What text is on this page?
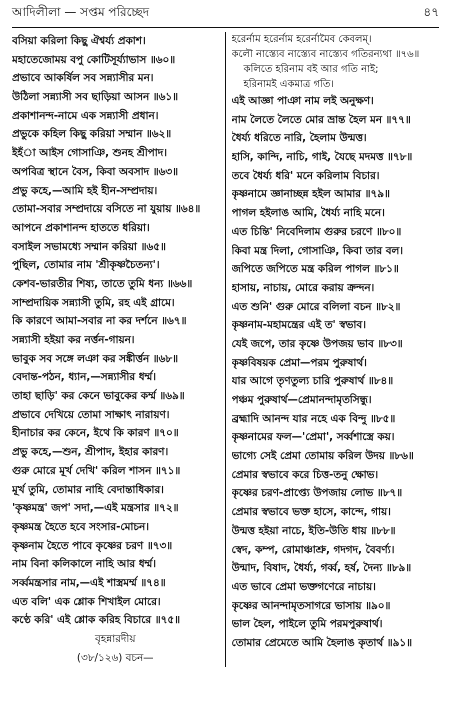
আদিলীলা — সপ্তম পরিচ্ছেদ	৪৭
বসিয়া করিলা কিছু ঐশ্বর্য্য প্রকাশ।
মহাতেজোময় বপু কোটিসূর্য্যাভাস ॥৬০॥
প্রভাবে আকর্ষিল সব সন্ন্যাসীর মন।
উঠিলা সন্ন্যাসী সব ছাড়িয়া আসন ॥৬১॥
প্রকাশানন্দ-নামে এক সন্ন্যাসী প্রধান।
প্রভুকে কহিল কিছু করিয়া সম্মান ॥৬২॥
ইহঁা আইস গোসাঞি, শুনহ শ্রীপাদ।
অপবিত্র স্থানে বৈস, কিবা অবসাদ ॥৬৩॥
প্রভু কহে,—আমি হই হীন-সম্প্রদায়।
তোমা-সবার সম্প্রদায়ে বসিতে না যুয়ায় ॥৬৪॥
আপনে প্রকাশানন্দ হাততে ধরিয়া।
বসাইল সভামধ্যে সম্মান করিয়া ॥৬৫॥
পুছিল, তোমার নাম 'শ্রীকৃষ্ণচৈতন্য'।
কেশব-ভারতীর শিষ্য, তাতে তুমি ধন্য ॥৬৬॥
সাম্প্রদায়িক সন্ন্যাসী তুমি, রহ এই গ্রামে।
কি কারণে আমা-সবার না কর দর্শনে ॥৬৭॥
সন্ন্যাসী হইয়া কর নর্ত্তন-গায়ন।
ভাবুক সব সঙ্গে লঞা কর সঙ্কীর্ত্তন ॥৬৮॥
বেদান্ত-পঠন, ধ্যান,—সন্ন্যাসীর ধর্ম্ম।
তাহা ছাড়ি' কর কেনে ভাবুকের কর্ম্ম ॥৬৯॥
প্রভাবে দেখিয়ে তোমা সাক্ষাৎ নারায়ণ।
হীনাচার কর কেনে, ইথে কি কারণ ॥৭০॥
প্রভু কহে,—শুন, শ্রীপাদ, ইহার কারণ।
গুরু মোরে মূর্খ দেখি' করিল শাসন ॥৭১॥
মূর্খ তুমি, তোমার নাহি বেদান্তাধিকার।
'কৃষ্ণমন্ত্র' জপ' সদা,—এই মন্ত্রসার ॥৭২॥
কৃষ্ণমন্ত্র হৈতে হবে সংসার-মোচন।
কৃষ্ণনাম হৈতে পাবে কৃষ্ণের চরণ ॥৭৩॥
নাম বিনা কলিকালে নাহি আর ধর্ম্ম।
সর্ব্বমন্ত্রসার নাম,—এই শাস্ত্রমর্ম্ম ॥৭৪॥
এত বলি' এক শ্লোক শিখাইল মোরে।
কণ্ঠে করি' এই শ্লোক করিহ বিচারে ॥৭৫॥
বৃহন্নারদীয়
(৩৮/১২৬) বচন—
হরের্নাম হরের্নাম হরের্নামৈব কেবলম্।
কলৌ নাস্ত্যেব নাস্ত্যেব নাস্ত্যেব গতিরন্যথা ॥৭৬॥
কলিতে হরিনাম বই আর গতি নাই;
হরিনামই একমাত্র গতি।
এই আজ্ঞা পাঞা নাম লই অনুক্ষণ।
নাম লৈতে লৈতে মোর ভ্রান্ত হৈল মন ॥৭৭॥
ধৈর্য্য ধরিতে নারি, হৈলাম উন্মত্ত।
হাসি, কান্দি, নাচি, গাই, যৈছে মদমত্ত ॥৭৮॥
তবে ধৈর্য্য ধরি' মনে করিলাম বিচার।
কৃষ্ণনামে জ্ঞানাচ্ছন্ন হইল আমার ॥৭৯॥
পাগল হইলাঙ আমি, ধৈর্য্য নাহি মনে।
এত চিন্তি' নিবেদিলাম গুরুর চরণে ॥৮০॥
কিবা মন্ত্র দিলা, গোসাঞি, কিবা তার বল।
জপিতে জপিতে মন্ত্র করিল পাগল ॥৮১॥
হাসায়, নাচায়, মোরে করায় ক্রন্দন।
এত শুনি' গুরু মোরে বলিলা বচন ॥৮২॥
কৃষ্ণনাম-মহামন্ত্রের এই ত' স্বভাব।
যেই জপে, তার কৃষ্ণে উপজয় ভাব ॥৮৩॥
কৃষ্ণবিষয়ক প্রেমা—পরম পুরুষার্থ।
যার আগে তৃণতুল্য চারি পুরুষার্থ ॥৮৪॥
পঞ্চম পুরুষার্থ—প্রেমানন্দামৃতসিন্ধু।
ব্রহ্মাদি আনন্দ যার নহে এক বিন্দু ॥৮৫॥
কৃষ্ণনামের ফল—'প্রেমা', সর্ব্বশাস্ত্রে কয়।
ভাগ্যে সেই প্রেমা তোমায় করিল উদয় ॥৮৬॥
প্রেমার স্বভাবে করে চিত্ত-তনু ক্ষোভ।
কৃষ্ণের চরণ-প্রাপ্ত্যে উপজায় লোভ ॥৮৭॥
প্রেমার স্বভাবে ভক্ত হাসে, কান্দে, গায়।
উন্মত্ত হইয়া নাচে, ইতি-উতি ধায় ॥৮৮॥
স্বেদ, কম্প, রোমাঞ্চাশ্রু, গদগদ, বৈবর্ণ্য।
উন্মাদ, বিষাদ, ধৈর্য্য, গর্ব্ব, হর্ষ, দৈন্য ॥৮৯॥
এত ভাবে প্রেমা ভক্তগণেরে নাচায়।
কৃষ্ণের আনন্দামৃতসাগরে ভাসায় ॥৯০॥
ভাল হৈল, পাইলে তুমি পরমপুরুষার্থ।
তোমার প্রেমেতে আমি হৈলাঙ কৃতার্থ ॥৯১॥
